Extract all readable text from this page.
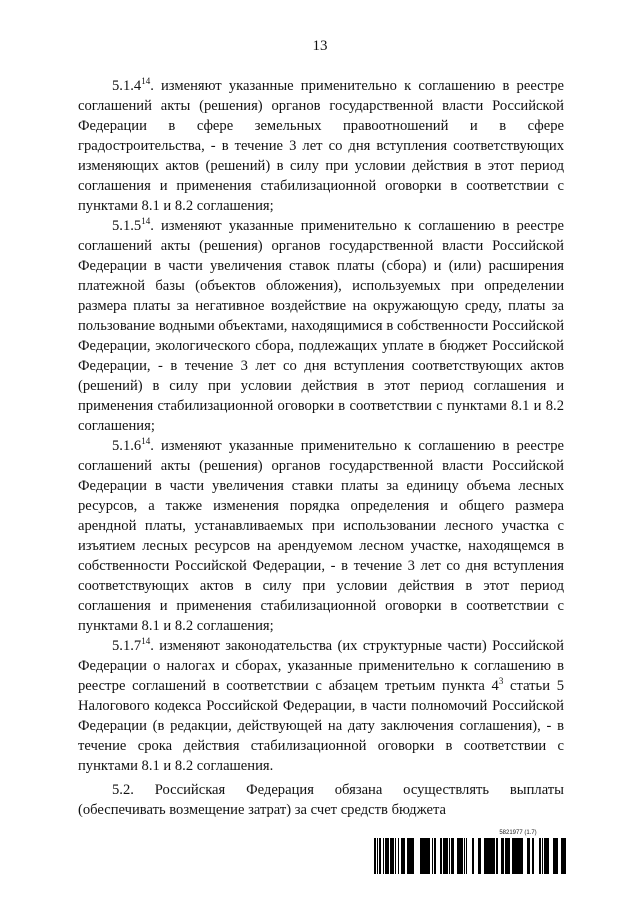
13

5.1.4$^{14}$. изменяют указанные применительно к соглашению в реестре соглашений акты (решения) органов государственной власти Российской Федерации в сфере земельных правоотношений и в сфере градостроительства, - в течение 3 лет со дня вступления соответствующих изменяющих актов (решений) в силу при условии действия в этот период соглашения и применения стабилизационной оговорки в соответствии с пунктами 8.1 и 8.2 соглашения;

5.1.5$^{14}$. изменяют указанные применительно к соглашению в реестре соглашений акты (решения) органов государственной власти Российской Федерации в части увеличения ставок платы (сбора) и (или) расширения платежной базы (объектов обложения), используемых при определении размера платы за негативное воздействие на окружающую среду, платы за пользование водными объектами, находящимися в собственности Российской Федерации, экологического сбора, подлежащих уплате в бюджет Российской Федерации, - в течение 3 лет со дня вступления соответствующих актов (решений) в силу при условии действия в этот период соглашения и применения стабилизационной оговорки в соответствии с пунктами 8.1 и 8.2 соглашения;

5.1.6$^{14}$. изменяют указанные применительно к соглашению в реестре соглашений акты (решения) органов государственной власти Российской Федерации в части увеличения ставки платы за единицу объема лесных ресурсов, а также изменения порядка определения и общего размера арендной платы, устанавливаемых при использовании лесного участка с изъятием лесных ресурсов на арендуемом лесном участке, находящемся в собственности Российской Федерации, - в течение 3 лет со дня вступления соответствующих актов в силу при условии действия в этот период соглашения и применения стабилизационной оговорки в соответствии с пунктами 8.1 и 8.2 соглашения;

5.1.7$^{14}$. изменяют законодательства (их структурные части) Российской Федерации о налогах и сборах, указанные применительно к соглашению в реестре соглашений в соответствии с абзацем третьим пункта $4^3$ статьи 5 Налогового кодекса Российской Федерации, в части полномочий Российской Федерации (в редакции, действующей на дату заключения соглашения), - в течение срока действия стабилизационной оговорки в соответствии с пунктами 8.1 и 8.2 соглашения.

5.2. Российская Федерация обязана осуществлять выплаты (обеспечивать возмещение затрат) за счет средств бюджета

5821977 (1.7)
